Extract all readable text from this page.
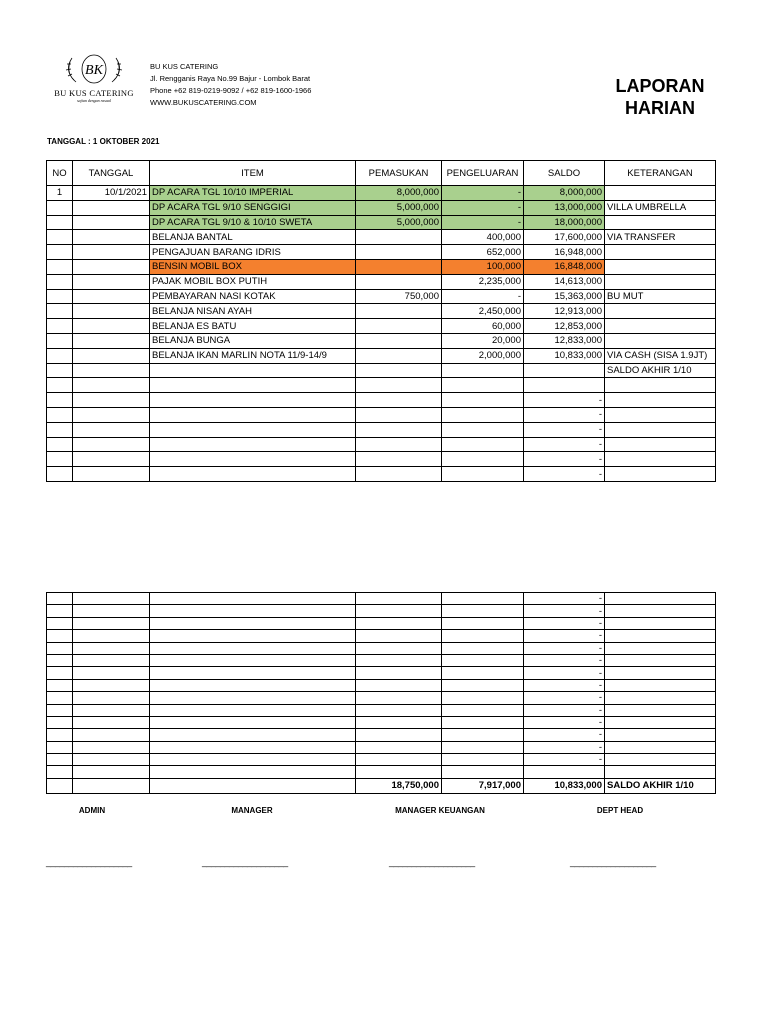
BK
BU KUS CATERING
sajian dengan rasaal
BU KUS CATERING
Jl. Rengganis Raya No.99 Bajur - Lombok Barat
Phone +62 819-0219-9092 / +62 819-1600-1966
WWW.BUKUSCATERING.COM
LAPORAN
HARIAN
TANGGAL : 1 OKTOBER 2021
NO	TANGGAL	ITEM	PEMASUKAN	PENGELUARAN	SALDO	KETERANGAN
1	10/1/2021	DP ACARA TGL 10/10 IMPERIAL	8,000,000	-	8,000,000	
		DP ACARA TGL 9/10 SENGGIGI	5,000,000	-	13,000,000	VILLA UMBRELLA
		DP ACARA TGL 9/10 & 10/10 SWETA	5,000,000	-	18,000,000	
		BELANJA BANTAL		400,000	17,600,000	VIA TRANSFER
		PENGAJUAN BARANG IDRIS		652,000	16,948,000	
		BENSIN MOBIL BOX		100,000	16,848,000	
		PAJAK MOBIL BOX PUTIH		2,235,000	14,613,000	
		PEMBAYARAN NASI KOTAK	750,000	-	15,363,000	BU MUT
		BELANJA NISAN AYAH		2,450,000	12,913,000	
		BELANJA ES BATU		60,000	12,853,000	
		BELANJA BUNGA		20,000	12,833,000	
		BELANJA IKAN MARLIN NOTA 11/9-14/9		2,000,000	10,833,000	VIA CASH (SISA 1.9JT)
						SALDO AKHIR 1/10

					-	
					-	
					-	
					-	
					-	
					-	
					-	
					-	
					-	
					-	
					-	
					-	
					-	
					-	
					-	
					-	
					-	
					-	
					-	
					-	

			18,750,000	7,917,000	10,833,000	SALDO AKHIR 1/10
ADMIN	MANAGER	MANAGER KEUANGAN	DEPT HEAD
___________________	___________________	___________________	___________________
